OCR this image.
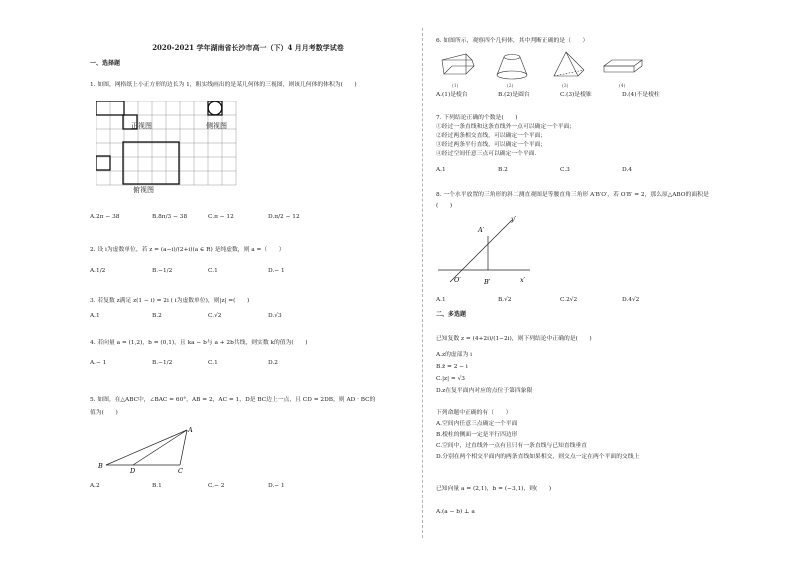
2020-2021 学年湖南省长沙市高一（下）4 月月考数学试卷
一、选择题
1. 如图，网格纸上小正方形的边长为 1，粗实线画出的是某几何体的三视图，则该几何体的体积为(　　)
正视图	侧视图
俯视图
A.2π − 38	B.8π/3 − 38	C.π − 12	D.π/2 − 12
2. 设 i为虚数单位，若 z = (a−i)/(2+i)(a ∈ R) 是纯虚数，则 a =（　　）
A.1/2	B.−1/2	C.1	D.− 1
3. 若复数 z满足 z(1 − i) = 2i ( i为虚数单位)，则|z| =(　　)
A.1	B.2	C.√2	D.√3
4. 若向量 a = (1,2)，b = (0,1)，且 ka − b与 a + 2b共线，则实数 k的值为(　　)
A.− 1	B.−1/2	C.1	D.2
5. 如图，在△ABC中，∠BAC = 60°，AB = 2，AC = 1，D是 BC边上一点，且 CD = 2DB，则 AD · BC的
值为(　　)
A
B
C
D
A.2	B.1	C.− 2	D.− 1
6. 如图所示，观察四个几何体，其中判断正确的是（　　）
(1)	(2)	(3)	(4)
A.(1)是棱台	B.(2)是圆台	C.(3)是棱锥	D.(4)不是棱柱
7. 下列结论正确的个数是(　　)
①经过一条直线和这条直线外一点可以确定一个平面；
②经过两条相交直线，可以确定一个平面；
③经过两条平行直线，可以确定一个平面；
④经过空间任意三点可以确定一个平面．
A.1	B.2	C.3	D.4
8. 一个水平放置的三角形的斜二测直观图是等腰直角三角形 A′B′O′，若 O′B′ = 2，那么原△ABO的面积是
(　　)
y′
A′
O′	B′	x′
A.1	B.√2	C.2√2	D.4√2
二、多选题
已知复数 z = (4+2i)/(1−2i)，则下列结论中正确的是(　　)
A.z的虚部为 i
B.z̄ = 2 − i
C.|z| = √3
D.z在复平面内对应的点位于第四象限
下列命题中正确的有（　　）
A.空间内任意三点确定一个平面
B.棱柱的侧面一定是平行四边形
C.空间中，过直线外一点有且只有一条直线与已知直线垂直
D.分别在两个相交平面内的两条直线如果相交，则交点一定在两个平面的交线上
已知向量 a = (2,1)，b = (−3,1)，则(　　)
A.(a − b) ⊥ a
